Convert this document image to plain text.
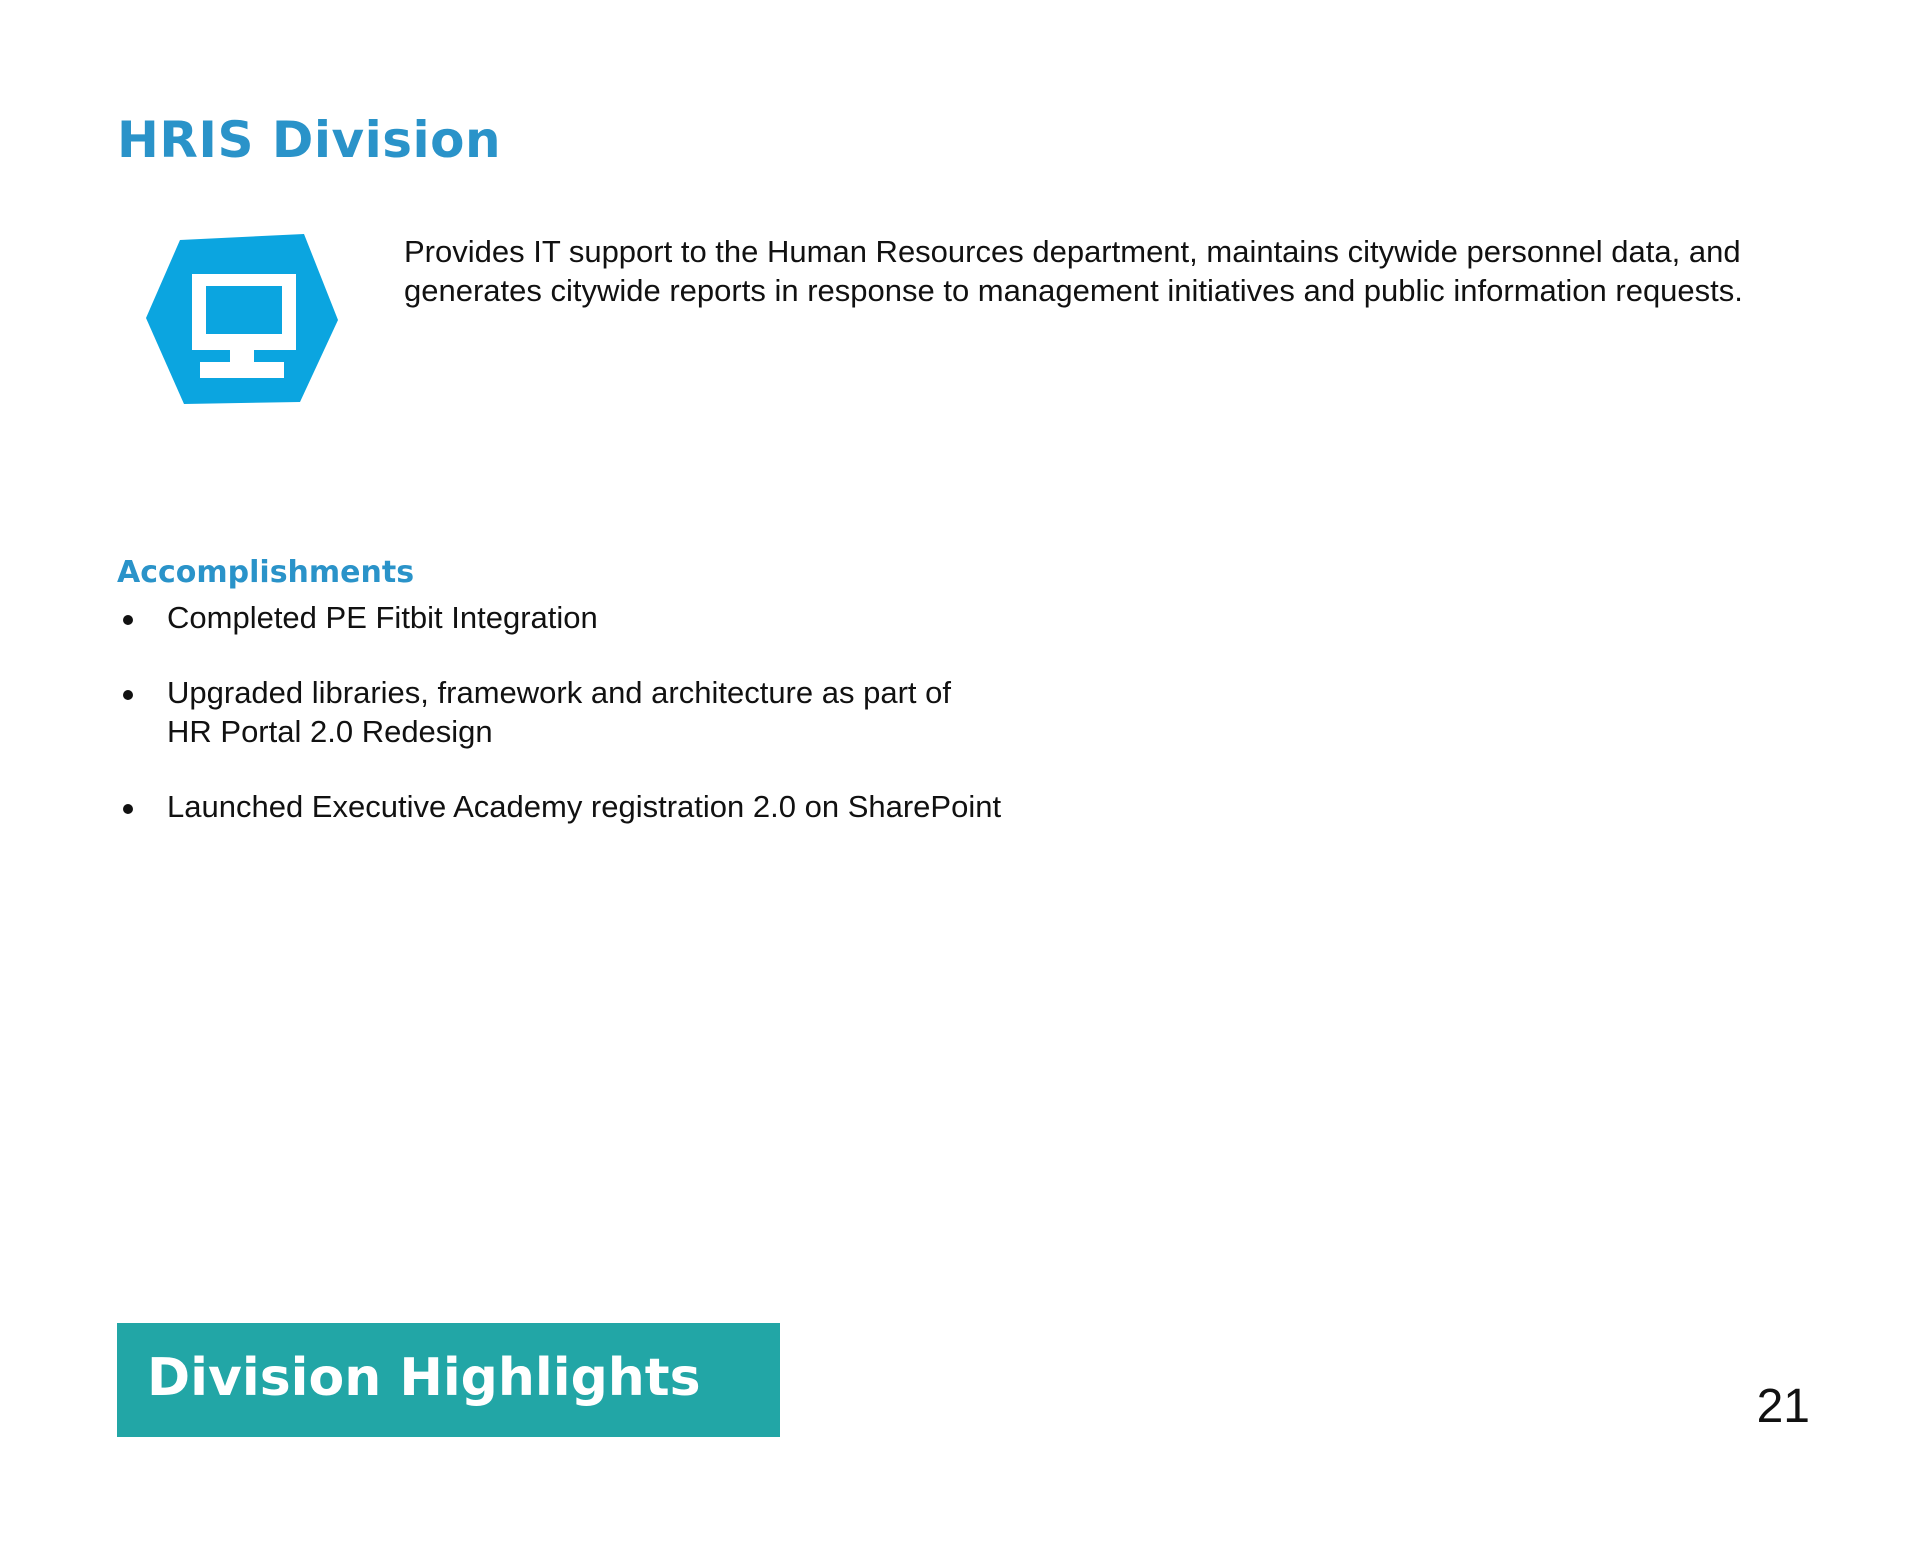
HRIS Division

Provides IT support to the Human Resources department, maintains citywide personnel data, and generates citywide reports in response to management initiatives and public information requests.

Accomplishments
Completed PE Fitbit Integration
Upgraded libraries, framework and architecture as part of HR Portal 2.0 Redesign
Launched Executive Academy registration 2.0 on SharePoint
Division Highlights	21
